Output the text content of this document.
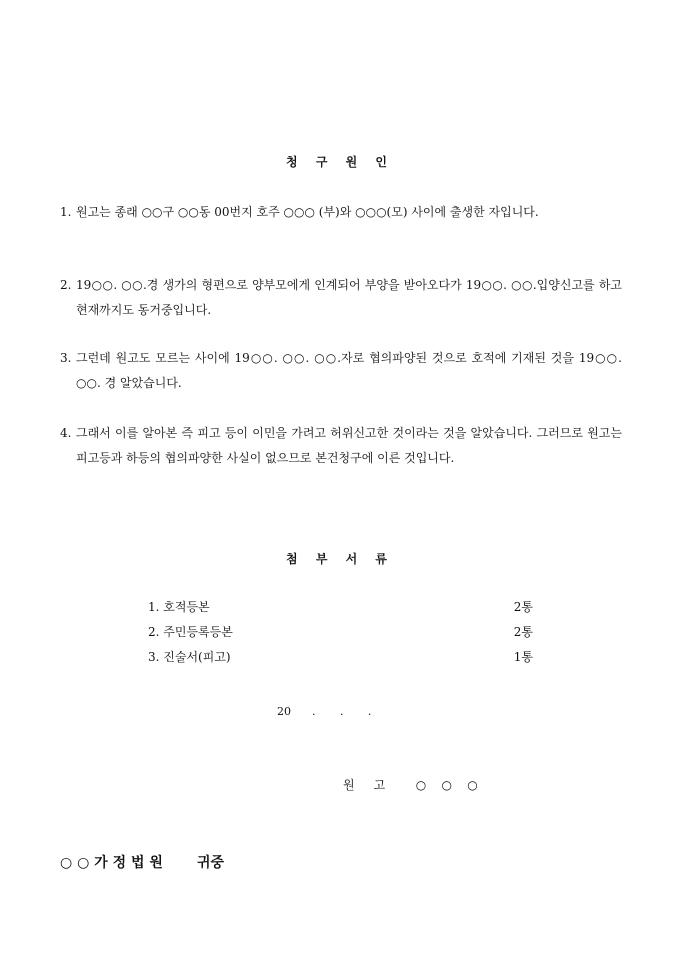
청 구 원 인
1. 원고는 종래 ○○구 ○○동 00번지 호주 ○○○ (부)와 ○○○(모) 사이에 출생한 자입니다.
2. 19○○. ○○.경 생가의 형편으로 양부모에게 인계되어 부양을 받아오다가 19○○. ○○.입양신고를 하고 현재까지도 동거중입니다.
3. 그런데 원고도 모르는 사이에 19○○. ○○. ○○.자로 협의파양된 것으로 호적에 기재된 것을 19○○. ○○. 경 알았습니다.
4. 그래서 이를 알아본 즉 피고 등이 이민을 가려고 허위신고한 것이라는 것을 알았습니다. 그러므로 원고는 피고등과 하등의 협의파양한 사실이 없으므로 본건청구에 이른 것입니다.
첨 부 서 류
1. 호적등본	2통
2. 주민등록등본	2통
3. 진술서(피고)	1통
20      .       .       .
원     고        ○    ○    ○
○ ○ 가 정 법 원       귀중
